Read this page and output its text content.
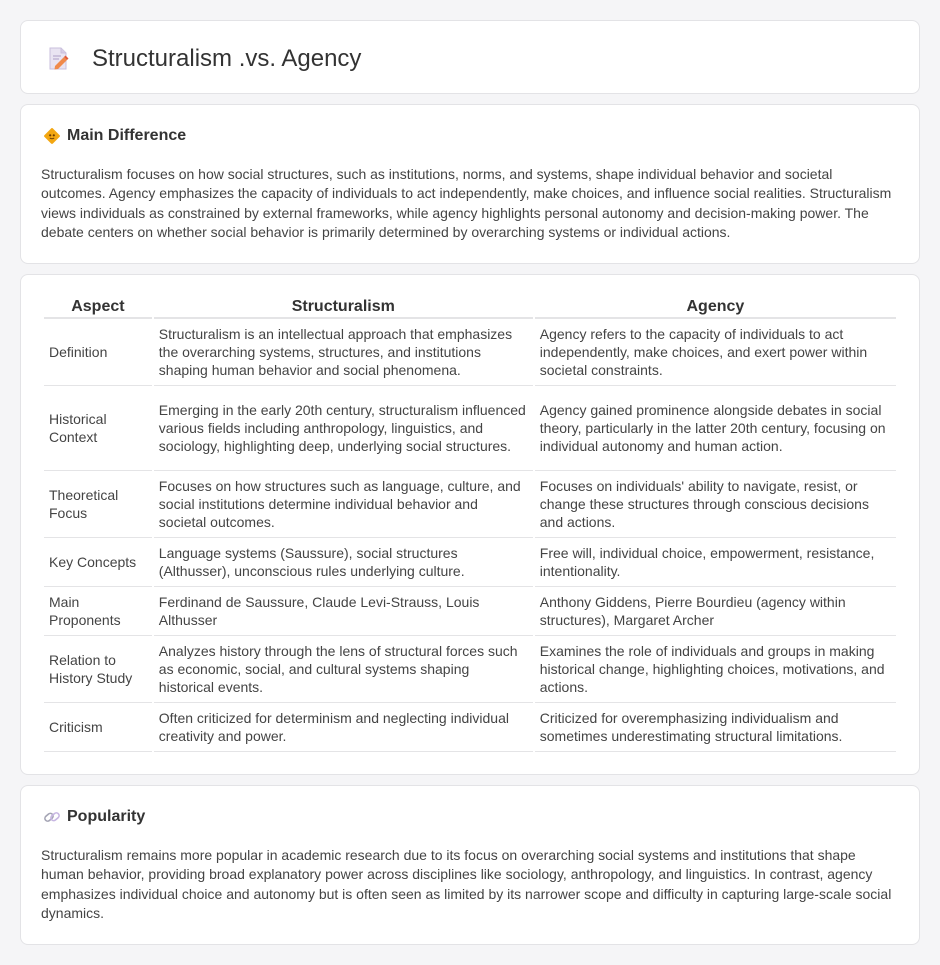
Structuralism .vs. Agency
Main Difference

Structuralism focuses on how social structures, such as institutions, norms, and systems, shape individual behavior and societal outcomes. Agency emphasizes the capacity of individuals to act independently, make choices, and influence social realities. Structuralism views individuals as constrained by external frameworks, while agency highlights personal autonomy and decision-making power. The debate centers on whether social behavior is primarily determined by overarching systems or individual actions.

Aspect	Structuralism	Agency
Definition	Structuralism is an intellectual approach that emphasizes the overarching systems, structures, and institutions shaping human behavior and social phenomena.	Agency refers to the capacity of individuals to act independently, make choices, and exert power within societal constraints.
Historical Context	Emerging in the early 20th century, structuralism influenced various fields including anthropology, linguistics, and sociology, highlighting deep, underlying social structures.	Agency gained prominence alongside debates in social theory, particularly in the latter 20th century, focusing on individual autonomy and human action.
Theoretical Focus	Focuses on how structures such as language, culture, and social institutions determine individual behavior and societal outcomes.	Focuses on individuals' ability to navigate, resist, or change these structures through conscious decisions and actions.
Key Concepts	Language systems (Saussure), social structures (Althusser), unconscious rules underlying culture.	Free will, individual choice, empowerment, resistance, intentionality.
Main Proponents	Ferdinand de Saussure, Claude Levi-Strauss, Louis Althusser	Anthony Giddens, Pierre Bourdieu (agency within structures), Margaret Archer
Relation to History Study	Analyzes history through the lens of structural forces such as economic, social, and cultural systems shaping historical events.	Examines the role of individuals and groups in making historical change, highlighting choices, motivations, and actions.
Criticism	Often criticized for determinism and neglecting individual creativity and power.	Criticized for overemphasizing individualism and sometimes underestimating structural limitations.
Popularity

Structuralism remains more popular in academic research due to its focus on overarching social systems and institutions that shape human behavior, providing broad explanatory power across disciplines like sociology, anthropology, and linguistics. In contrast, agency emphasizes individual choice and autonomy but is often seen as limited by its narrower scope and difficulty in capturing large-scale social dynamics.
